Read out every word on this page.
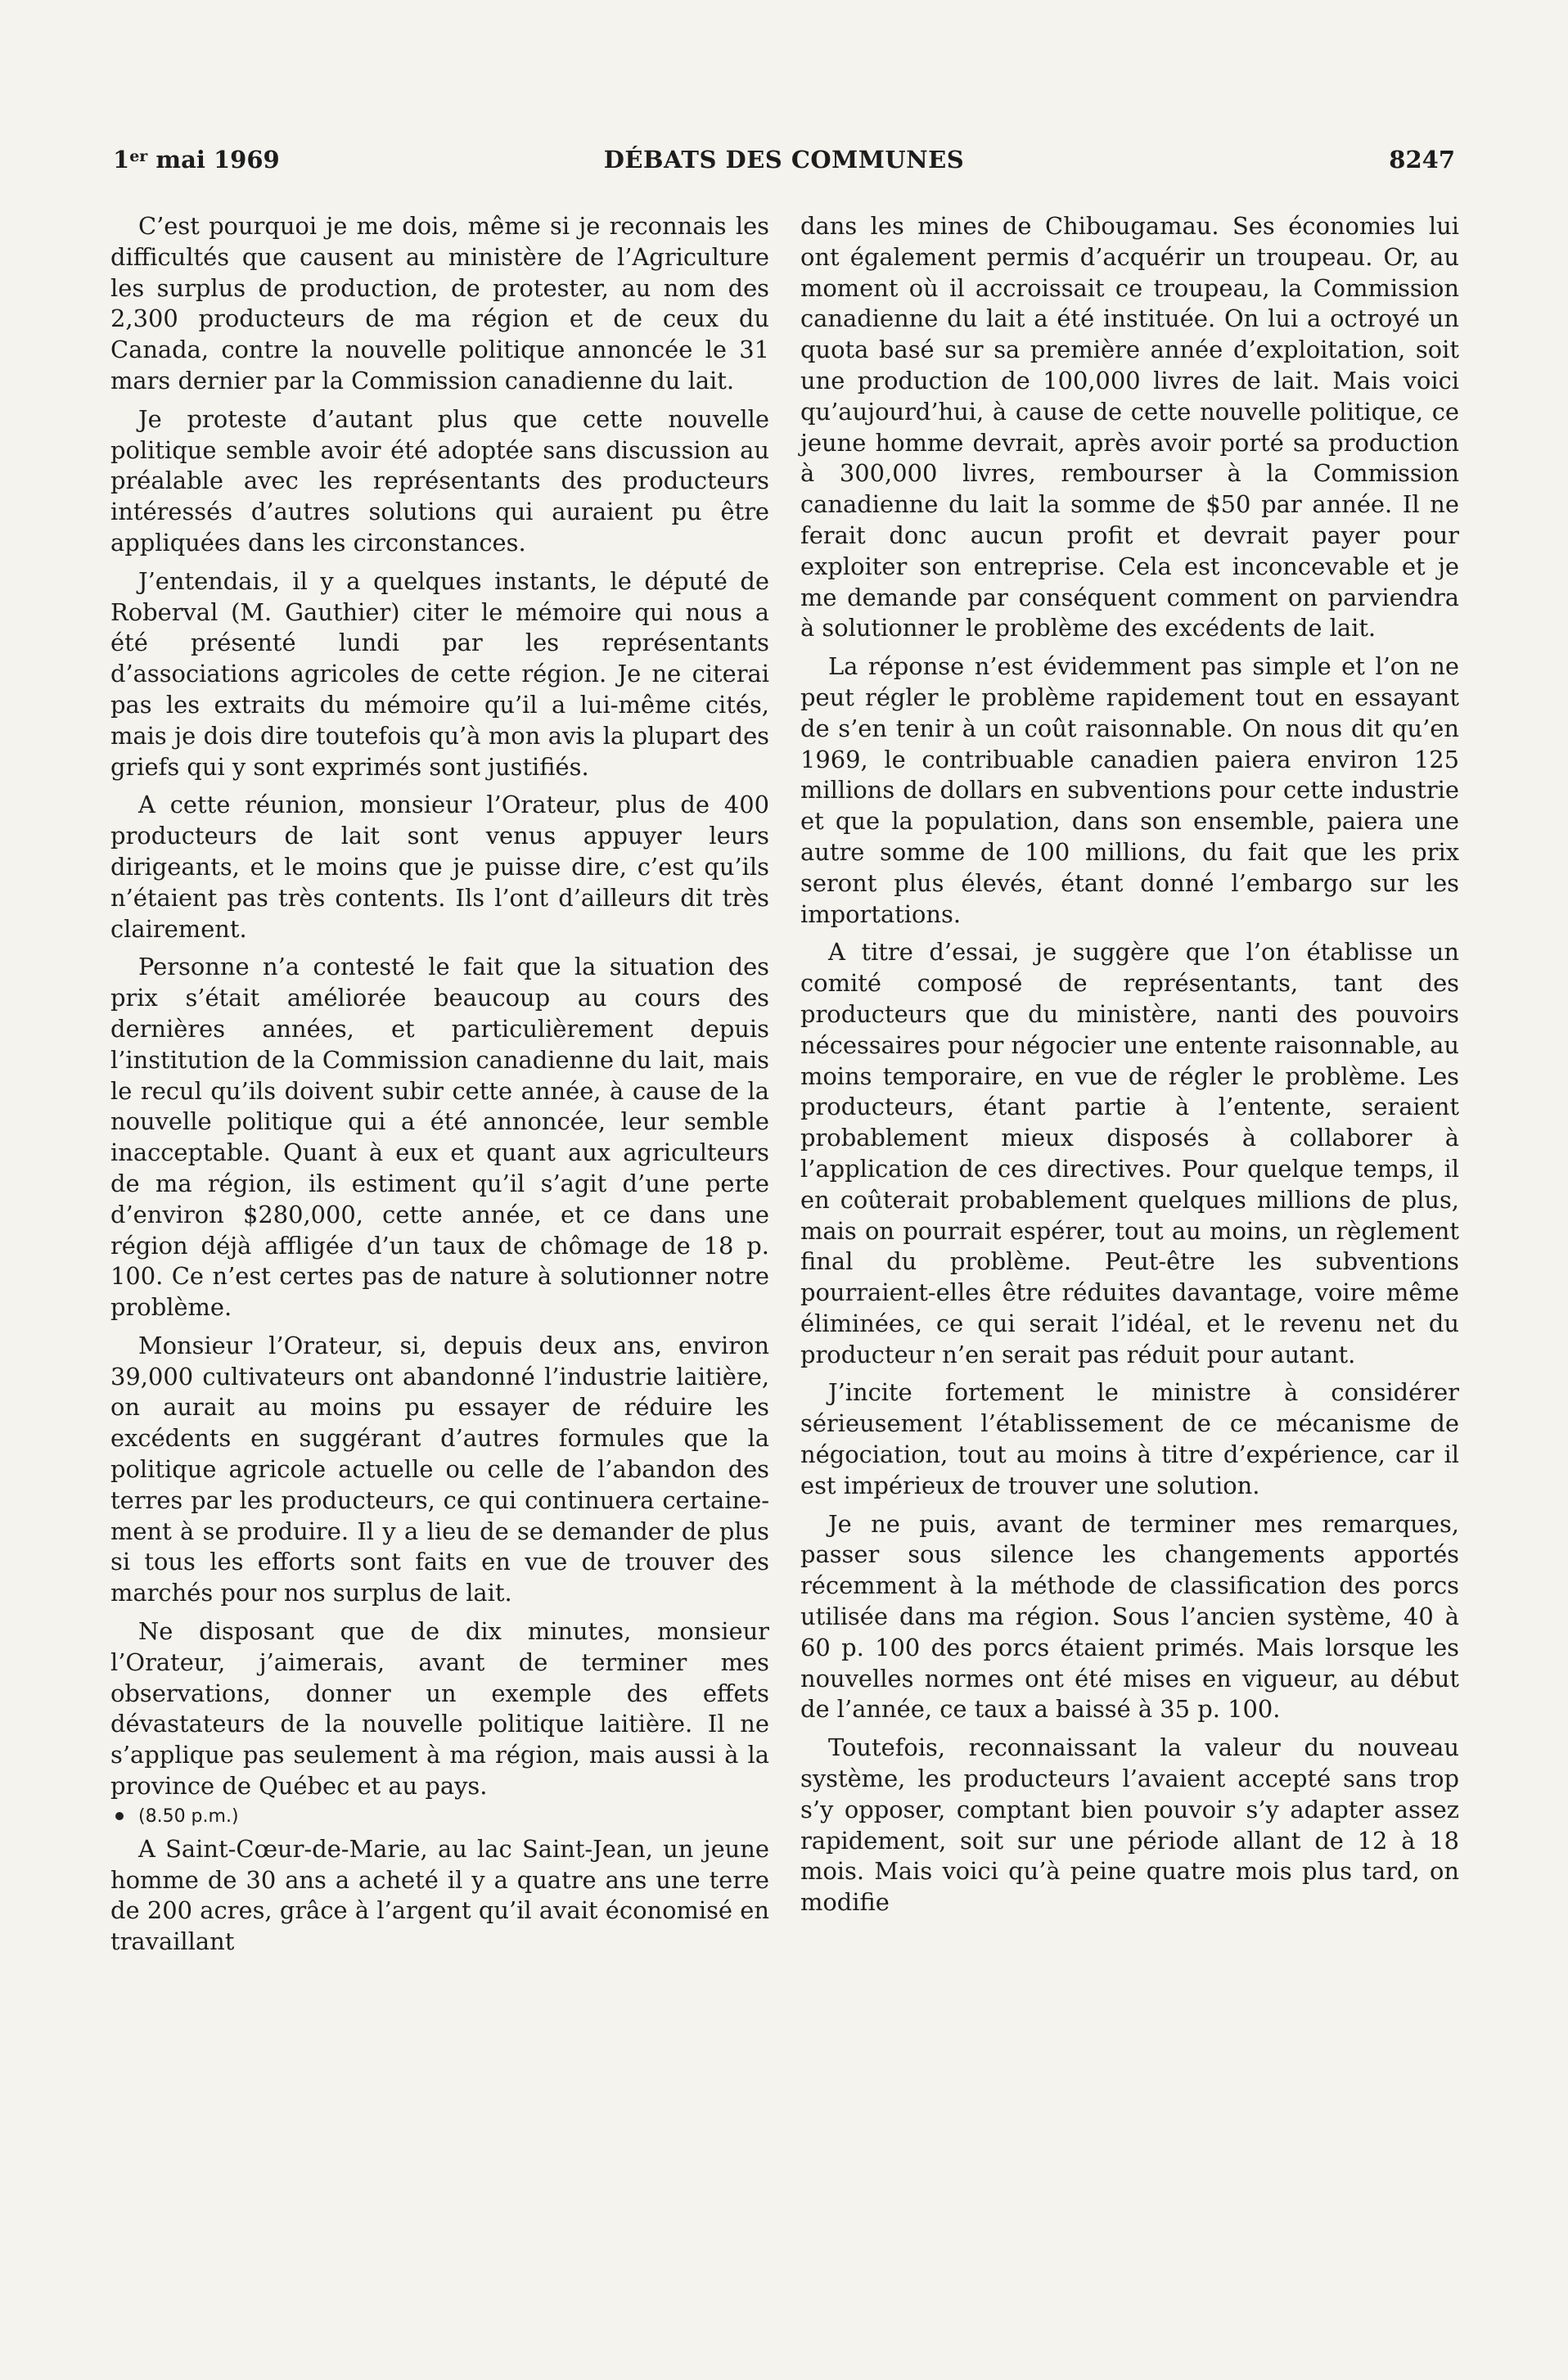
1er mai 1969	DÉBATS DES COMMUNES	8247

C’est pourquoi je me dois, même si je reconnais les difficultés que causent au ministère de l’Agriculture les surplus de production, de protester, au nom des 2,300 producteurs de ma région et de ceux du Canada, contre la nouvelle politique annoncée le 31 mars dernier par la Commission canadienne du lait.

Je proteste d’autant plus que cette nouvelle politique semble avoir été adoptée sans discussion au préalable avec les représentants des producteurs intéressés d’autres solutions qui auraient pu être appliquées dans les circonstances.

J’entendais, il y a quelques instants, le député de Roberval (M. Gauthier) citer le mémoire qui nous a été présenté lundi par les représentants d’associations agricoles de cette région. Je ne citerai pas les extraits du mémoire qu’il a lui-même cités, mais je dois dire toutefois qu’à mon avis la plupart des griefs qui y sont exprimés sont justifiés.

A cette réunion, monsieur l’Orateur, plus de 400 producteurs de lait sont venus appuyer leurs dirigeants, et le moins que je puisse dire, c’est qu’ils n’étaient pas très contents. Ils l’ont d’ailleurs dit très clairement.

Personne n’a contesté le fait que la situation des prix s’était améliorée beaucoup au cours des dernières années, et particulièrement depuis l’institution de la Commission canadienne du lait, mais le recul qu’ils doivent subir cette année, à cause de la nouvelle politique qui a été annoncée, leur semble inacceptable. Quant à eux et quant aux agriculteurs de ma région, ils estiment qu’il s’agit d’une perte d’environ $280,000, cette année, et ce dans une région déjà affligée d’un taux de chômage de 18 p. 100. Ce n’est certes pas de nature à solutionner notre problème.

Monsieur l’Orateur, si, depuis deux ans, environ 39,000 cultivateurs ont abandonné l’industrie laitière, on aurait au moins pu essayer de réduire les excédents en suggérant d’autres formules que la politique agricole actuelle ou celle de l’abandon des terres par les producteurs, ce qui continuera certainement à se produire. Il y a lieu de se demander de plus si tous les efforts sont faits en vue de trouver des marchés pour nos surplus de lait.

Ne disposant que de dix minutes, monsieur l’Orateur, j’aimerais, avant de terminer mes observations, donner un exemple des effets dévastateurs de la nouvelle politique laitière. Il ne s’applique pas seulement à ma région, mais aussi à la province de Québec et au pays.

(8.50 p.m.)

A Saint-Cœur-de-Marie, au lac Saint-Jean, un jeune homme de 30 ans a acheté il y a quatre ans une terre de 200 acres, grâce à l’argent qu’il avait économisé en travaillant

dans les mines de Chibougamau. Ses économies lui ont également permis d’acquérir un troupeau. Or, au moment où il accroissait ce troupeau, la Commission canadienne du lait a été instituée. On lui a octroyé un quota basé sur sa première année d’exploitation, soit une production de 100,000 livres de lait. Mais voici qu’aujourd’hui, à cause de cette nouvelle politique, ce jeune homme devrait, après avoir porté sa production à 300,000 livres, rembourser à la Commission canadienne du lait la somme de $50 par année. Il ne ferait donc aucun profit et devrait payer pour exploiter son entreprise. Cela est inconcevable et je me demande par conséquent comment on parviendra à solutionner le problème des excédents de lait.

La réponse n’est évidemment pas simple et l’on ne peut régler le problème rapidement tout en essayant de s’en tenir à un coût raisonnable. On nous dit qu’en 1969, le contribuable canadien paiera environ 125 millions de dollars en subventions pour cette industrie et que la population, dans son ensemble, paiera une autre somme de 100 millions, du fait que les prix seront plus élevés, étant donné l’embargo sur les importations.

A titre d’essai, je suggère que l’on établisse un comité composé de représentants, tant des producteurs que du ministère, nanti des pouvoirs nécessaires pour négocier une entente raisonnable, au moins temporaire, en vue de régler le problème. Les producteurs, étant partie à l’entente, seraient probablement mieux disposés à collaborer à l’application de ces directives. Pour quelque temps, il en coûterait probablement quelques millions de plus, mais on pourrait espérer, tout au moins, un règlement final du problème. Peut-être les subventions pourraient-elles être réduites davantage, voire même éliminées, ce qui serait l’idéal, et le revenu net du producteur n’en serait pas réduit pour autant.

J’incite fortement le ministre à considérer sérieusement l’établissement de ce mécanisme de négociation, tout au moins à titre d’expérience, car il est impérieux de trouver une solution.

Je ne puis, avant de terminer mes remarques, passer sous silence les changements apportés récemment à la méthode de classification des porcs utilisée dans ma région. Sous l’ancien système, 40 à 60 p. 100 des porcs étaient primés. Mais lorsque les nouvelles normes ont été mises en vigueur, au début de l’année, ce taux a baissé à 35 p. 100.

Toutefois, reconnaissant la valeur du nouveau système, les producteurs l’avaient accepté sans trop s’y opposer, comptant bien pouvoir s’y adapter assez rapidement, soit sur une période allant de 12 à 18 mois. Mais voici qu’à peine quatre mois plus tard, on modifie
